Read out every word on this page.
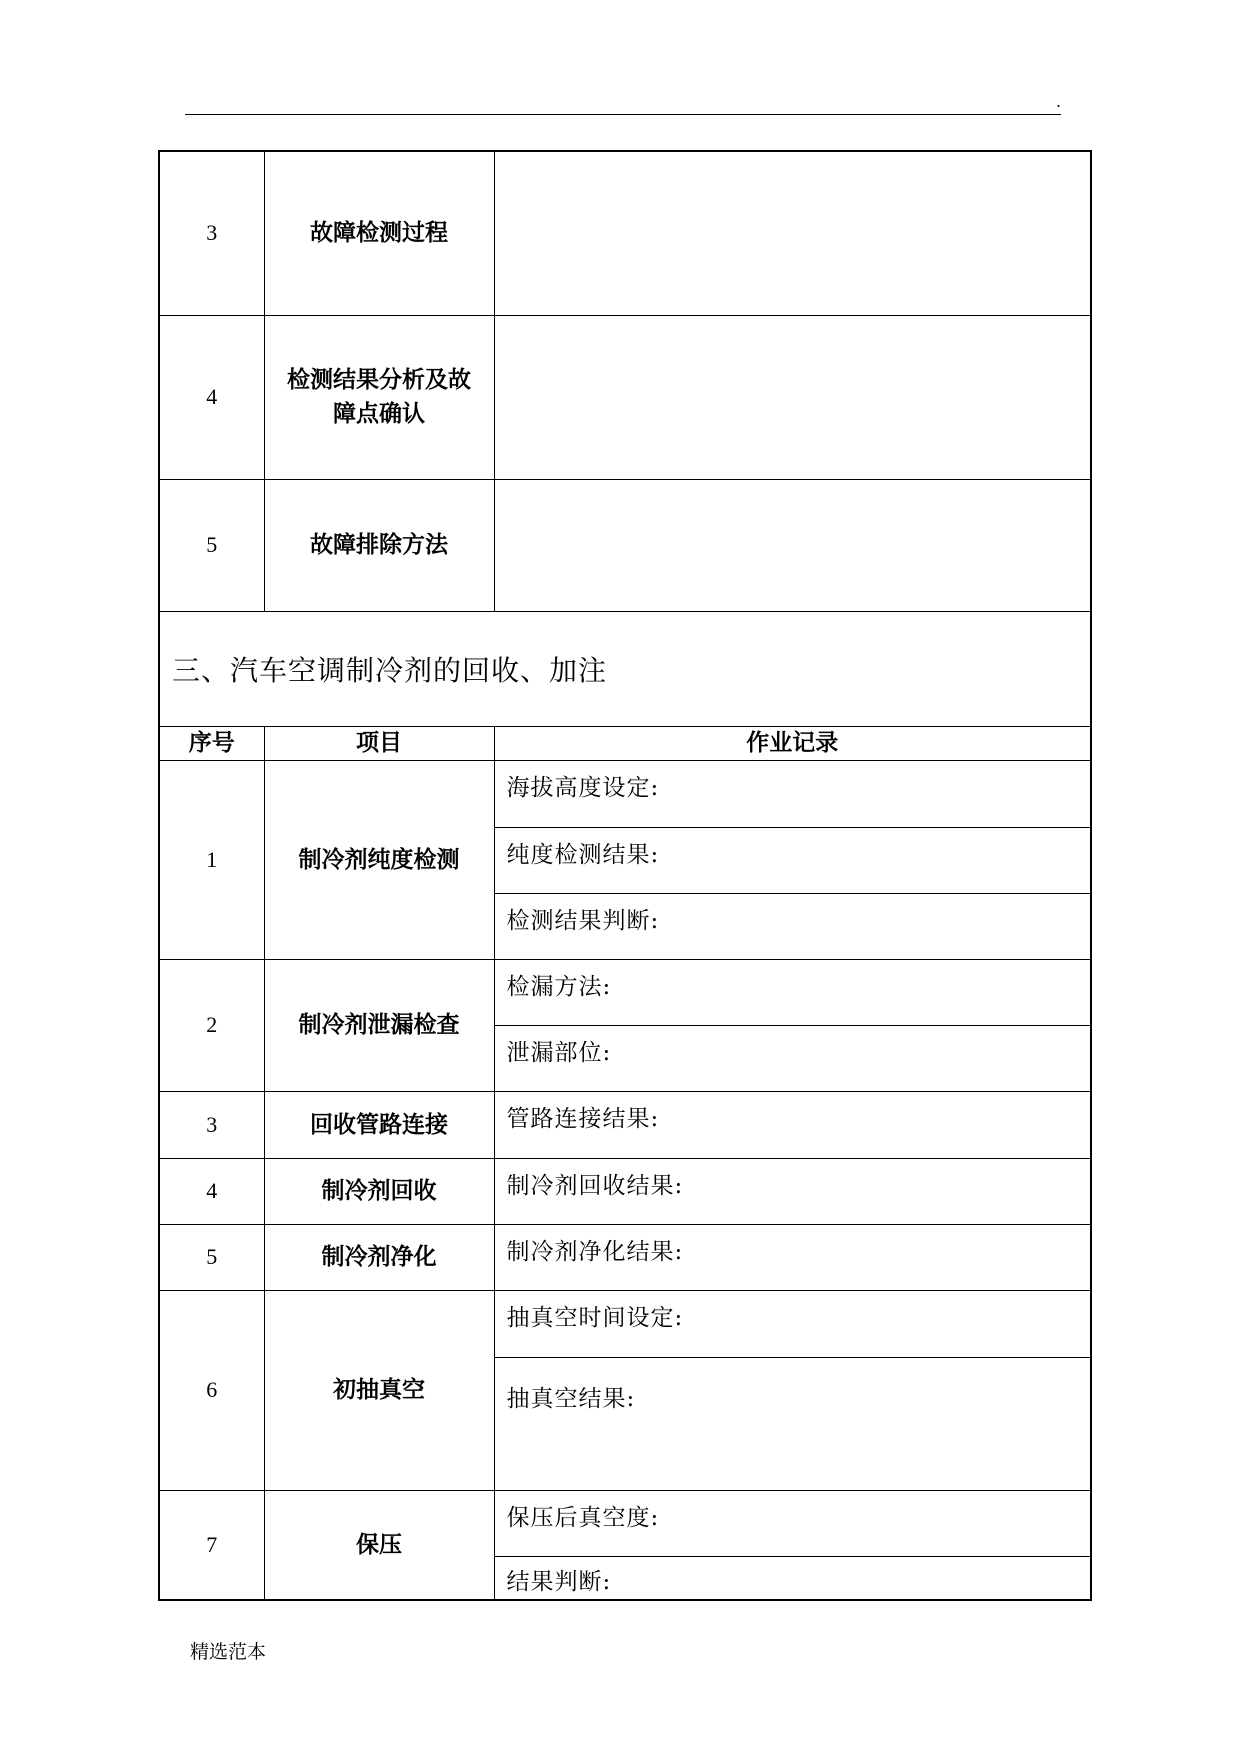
.
3	故障检测过程	
4	检测结果分析及故障点确认	

5	故障排除方法	
三、汽车空调制冷剂的回收、加注		
序号	项目	作业记录
1	制冷剂纯度检测	海拔高度设定:
		纯度检测结果:
		检测结果判断:
2	制冷剂泄漏检查	检漏方法:
		泄漏部位:
3	回收管路连接	管路连接结果:
4	制冷剂回收	制冷剂回收结果:
5	制冷剂净化	制冷剂净化结果:
6	初抽真空	抽真空时间设定:
		抽真空结果:
7	保压	保压后真空度:
		结果判断:
精选范本
